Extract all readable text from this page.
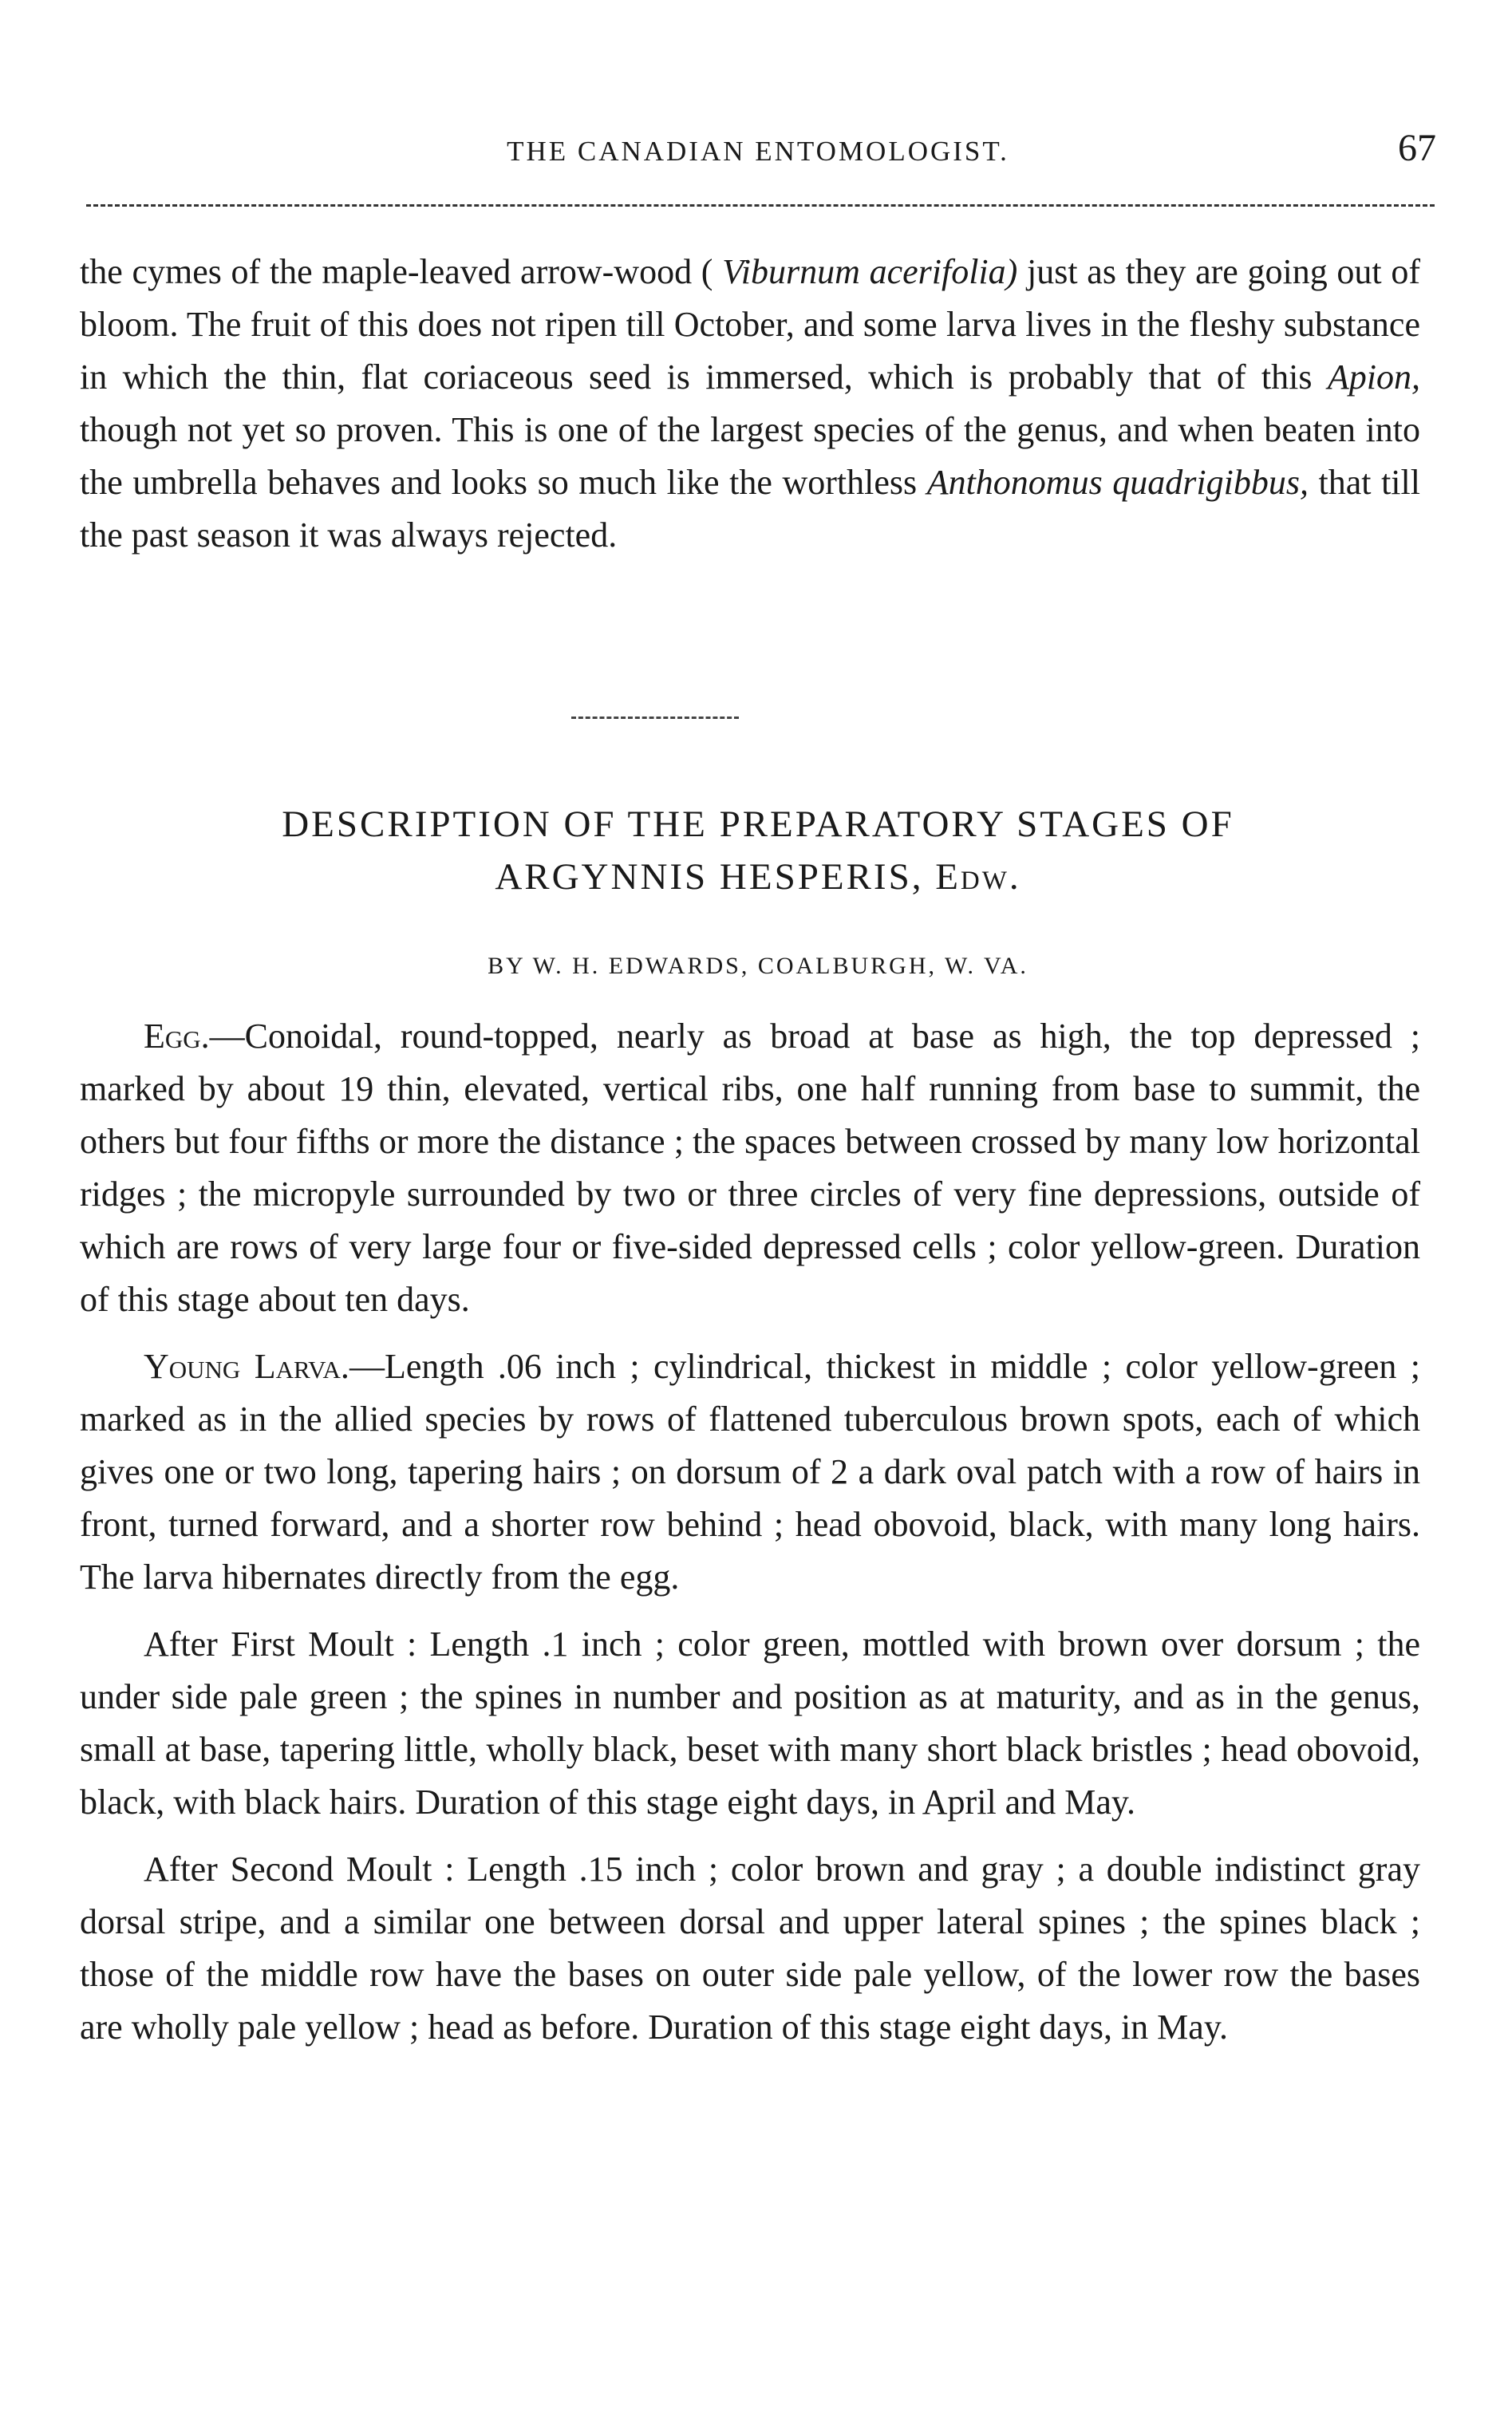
THE CANADIAN ENTOMOLOGIST.	67

the cymes of the maple-leaved arrow-wood ( Viburnum acerifolia) just as they are going out of bloom. The fruit of this does not ripen till October, and some larva lives in the fleshy substance in which the thin, flat coriaceous seed is immersed, which is probably that of this Apion, though not yet so proven. This is one of the largest species of the genus, and when beaten into the umbrella behaves and looks so much like the worthless Anthonomus quadrigibbus, that till the past season it was always rejected.

DESCRIPTION OF THE PREPARATORY STAGES OF
ARGYNNIS HESPERIS, Edw.
BY W. H. EDWARDS, COALBURGH, W. VA.

Egg.—Conoidal, round-topped, nearly as broad at base as high, the top depressed ; marked by about 19 thin, elevated, vertical ribs, one half running from base to summit, the others but four fifths or more the distance ; the spaces between crossed by many low horizontal ridges ; the micropyle surrounded by two or three circles of very fine depressions, outside of which are rows of very large four or five-sided depressed cells ; color yellow-green. Duration of this stage about ten days.

Young Larva.—Length .06 inch ; cylindrical, thickest in middle ; color yellow-green ; marked as in the allied species by rows of flattened tuberculous brown spots, each of which gives one or two long, tapering hairs ; on dorsum of 2 a dark oval patch with a row of hairs in front, turned forward, and a shorter row behind ; head obovoid, black, with many long hairs. The larva hibernates directly from the egg.

After First Moult : Length .1 inch ; color green, mottled with brown over dorsum ; the under side pale green ; the spines in number and position as at maturity, and as in the genus, small at base, tapering little, wholly black, beset with many short black bristles ; head obovoid, black, with black hairs. Duration of this stage eight days, in April and May.

After Second Moult : Length .15 inch ; color brown and gray ; a double indistinct gray dorsal stripe, and a similar one between dorsal and upper lateral spines ; the spines black ; those of the middle row have the bases on outer side pale yellow, of the lower row the bases are wholly pale yellow ; head as before. Duration of this stage eight days, in May.
